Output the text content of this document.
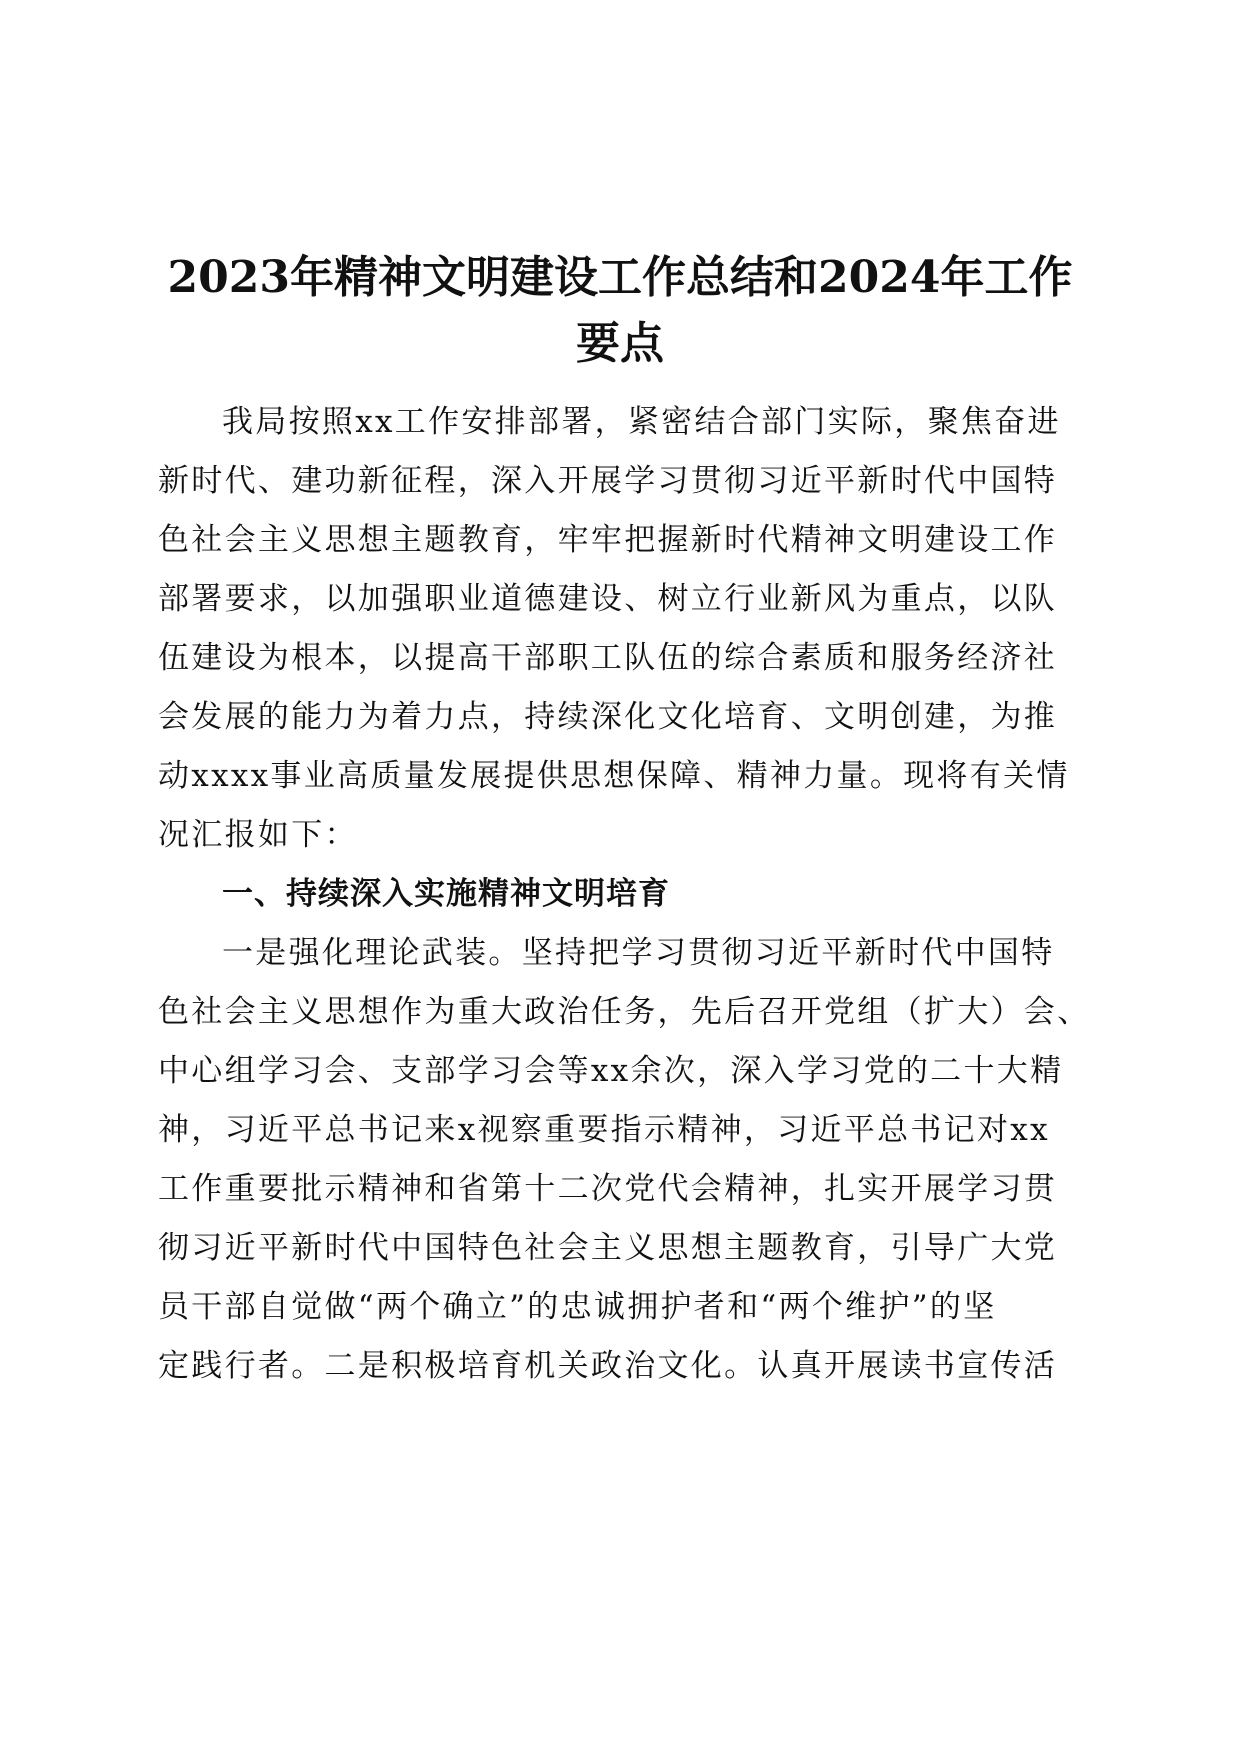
2023年精神文明建设工作总结和2024年工作
要点

我局按照xx工作安排部署，紧密结合部门实际，聚焦奋进

新时代、建功新征程，深入开展学习贯彻习近平新时代中国特

色社会主义思想主题教育，牢牢把握新时代精神文明建设工作

部署要求，以加强职业道德建设、树立行业新风为重点，以队

伍建设为根本，以提高干部职工队伍的综合素质和服务经济社

会发展的能力为着力点，持续深化文化培育、文明创建，为推

动xxxx事业高质量发展提供思想保障、精神力量。现将有关情

况汇报如下：

一、持续深入实施精神文明培育

一是强化理论武装。坚持把学习贯彻习近平新时代中国特

色社会主义思想作为重大政治任务，先后召开党组（扩大）会、

中心组学习会、支部学习会等xx余次，深入学习党的二十大精

神，习近平总书记来x视察重要指示精神，习近平总书记对xx

工作重要批示精神和省第十二次党代会精神，扎实开展学习贯

彻习近平新时代中国特色社会主义思想主题教育，引导广大党

员干部自觉做“两个确立”的忠诚拥护者和“两个维护”的坚

定践行者。二是积极培育机关政治文化。认真开展读书宣传活
